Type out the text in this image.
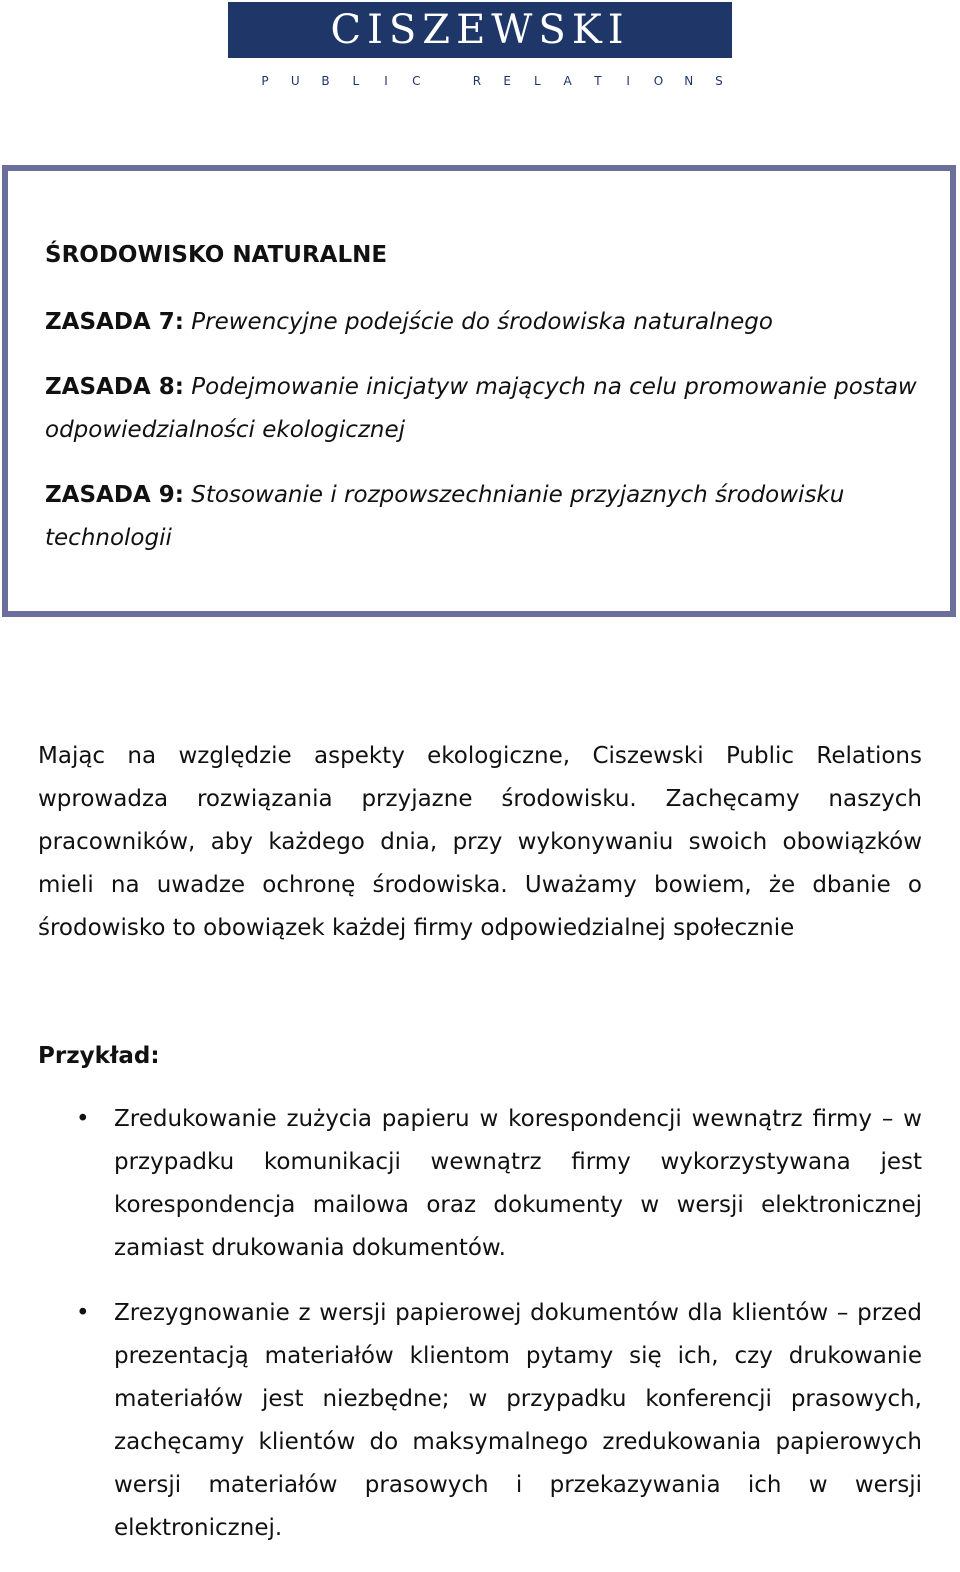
CISZEWSKI
P U B	L	I	C	R E	L	A T	I	O N S

ŚRODOWISKO NATURALNE

ZASADA 7: Prewencyjne podejście do środowiska naturalnego

ZASADA 8: Podejmowanie inicjatyw mających na celu promowanie postaw odpowiedzialności ekologicznej

ZASADA 9: Stosowanie i rozpowszechnianie przyjaznych środowisku technologii

Mając na względzie aspekty ekologiczne, Ciszewski Public Relations wprowadza rozwiązania przyjazne środowisku. Zachęcamy naszych pracowników, aby każdego dnia, przy wykonywaniu swoich obowiązków mieli na uwadze ochronę środowiska. Uważamy bowiem, że dbanie o środowisko to obowiązek każdej firmy odpowiedzialnej społecznie

Przykład:

• Zredukowanie zużycia papieru w korespondencji wewnątrz firmy – w przypadku komunikacji wewnątrz firmy wykorzystywana jest korespondencja mailowa oraz dokumenty w wersji elektronicznej zamiast drukowania dokumentów.
• Zrezygnowanie z wersji papierowej dokumentów dla klientów – przed prezentacją materiałów klientom pytamy się ich, czy drukowanie materiałów jest niezbędne; w przypadku konferencji prasowych, zachęcamy klientów do maksymalnego zredukowania papierowych wersji materiałów prasowych i przekazywania ich w wersji elektronicznej.
